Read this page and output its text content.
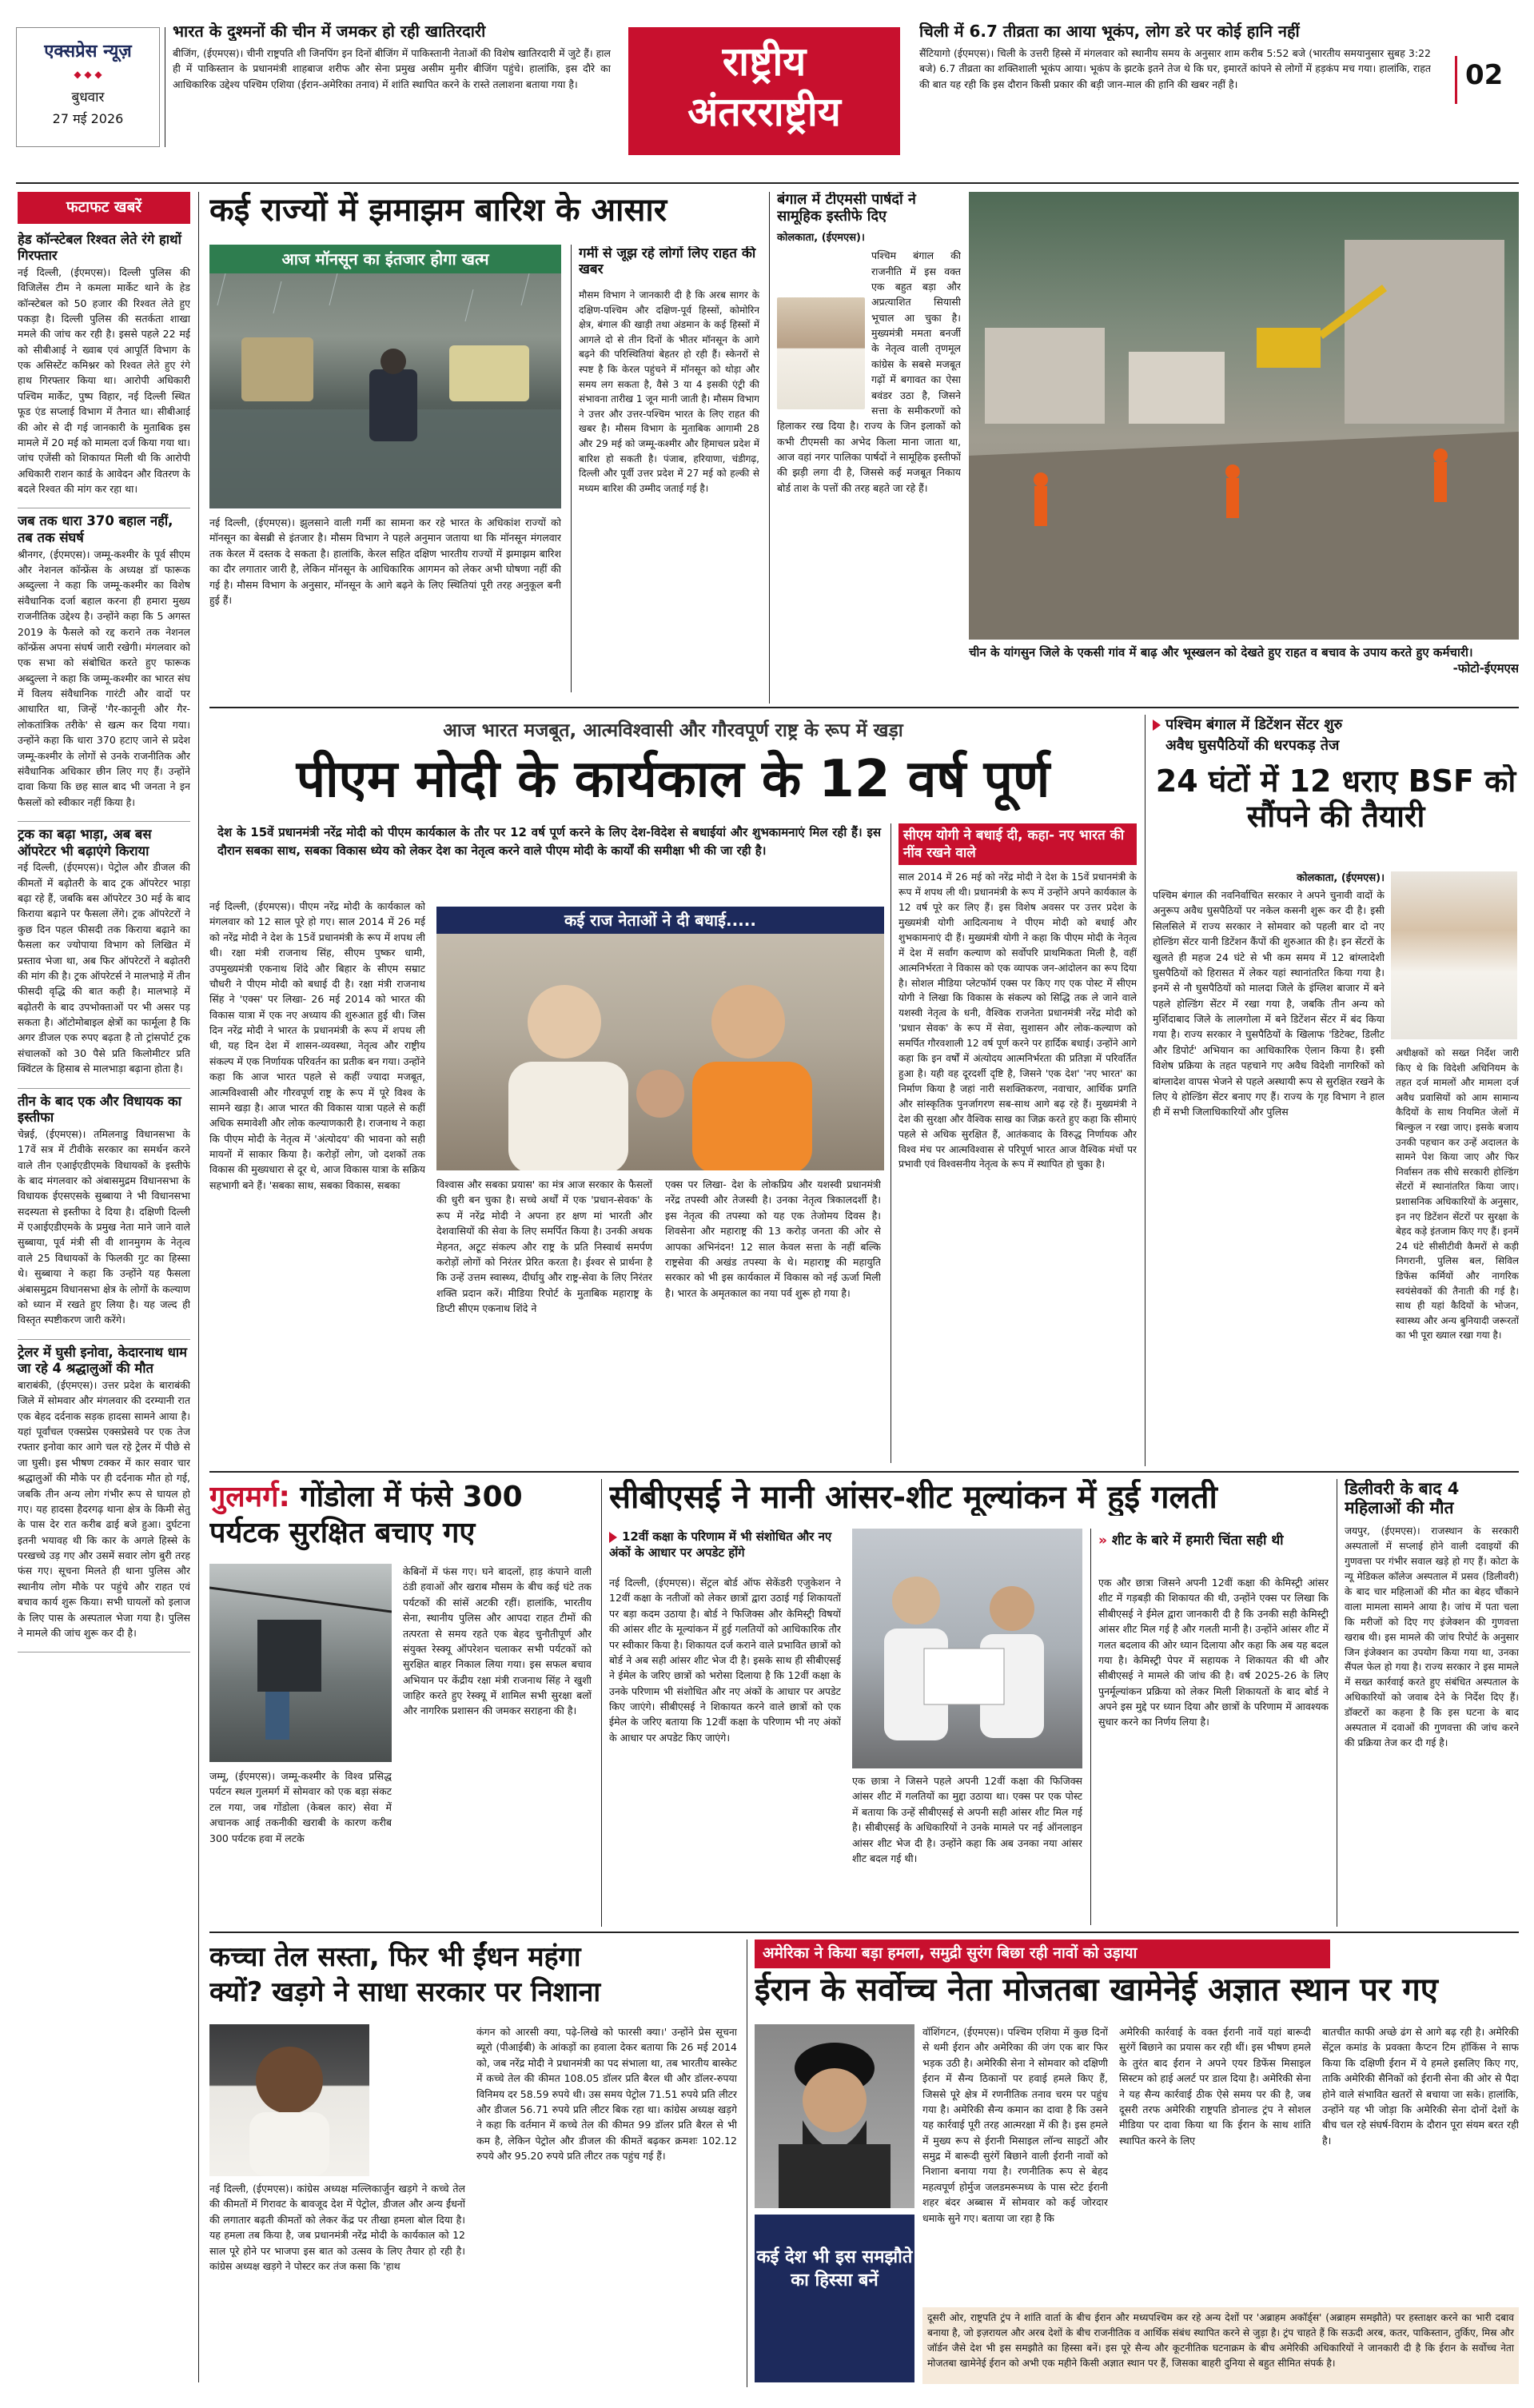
एक्सप्रेस न्यूज़
◆ ◆ ◆
बुधवार
27 मई 2026
भारत के दुश्मनों की चीन में जमकर हो रही खातिरदारी
बीजिंग, (ईएमएस)। चीनी राष्ट्रपति शी जिनपिंग इन दिनों बीजिंग में पाकिस्तानी नेताओं की विशेष खातिरदारी में जुटे हैं। हाल ही में पाकिस्तान के प्रधानमंत्री शाहबाज शरीफ और सेना प्रमुख असीम मुनीर बीजिंग पहुंचे। हालांकि, इस दौरे का आधिकारिक उद्देश्य पश्चिम एशिया (ईरान-अमेरिका तनाव) में शांति स्थापित करने के रास्ते तलाशना बताया गया है।	राष्ट्रीय
अंतरराष्ट्रीय
चिली में 6.7 तीव्रता का आया भूकंप, लोग डरे पर कोई हानि नहीं
सैंटियागो (ईएमएस)। चिली के उत्तरी हिस्से में मंगलवार को स्थानीय समय के अनुसार शाम करीब 5:52 बजे (भारतीय समयानुसार सुबह 3:22 बजे) 6.7 तीव्रता का शक्तिशाली भूकंप आया। भूकंप के झटके इतने तेज थे कि घर, इमारतें कांपने से लोगों में हड़कंप मच गया। हालांकि, राहत की बात यह रही कि इस दौरान किसी प्रकार की बड़ी जान-माल की हानि की खबर नहीं है।	02
फटाफट खबरें
हेड कॉन्स्टेबल रिश्वत लेते रंगे हाथों गिरफ्तार
नई दिल्ली, (ईएमएस)। दिल्ली पुलिस की विजिलेंस टीम ने कमला मार्केट थाने के हेड कॉन्स्टेबल को 50 हजार की रिश्वत लेते हुए पकड़ा है। दिल्ली पुलिस की सतर्कता शाखा ममले की जांच कर रही है। इससे पहले 22 मई को सीबीआई ने ख्वाब एवं आपूर्ति विभाग के एक असिस्टेंट कमिश्नर को रिश्वत लेते हुए रंगे हाथ गिरफ्तार किया था। आरोपी अधिकारी पश्चिम मार्केट, पुष्प विहार, नई दिल्ली स्थित फूड एंड सप्लाई विभाग में तैनात था। सीबीआई की ओर से दी गई जानकारी के मुताबिक इस मामले में 20 मई को मामला दर्ज किया गया था। जांच एजेंसी को शिकायत मिली थी कि आरोपी अधिकारी राशन कार्ड के आवेदन और वितरण के बदले रिश्वत की मांग कर रहा था।
जब तक धारा 370 बहाल नहीं, तब तक संघर्ष
श्रीनगर, (ईएमएस)। जम्मू-कश्मीर के पूर्व सीएम और नेशनल कॉन्फ्रेंस के अध्यक्ष डॉ फारूक अब्दुल्ला ने कहा कि जम्मू-कश्मीर का विशेष संवैधानिक दर्जा बहाल करना ही हमारा मुख्य राजनीतिक उद्देश्य है। उन्होंने कहा कि 5 अगस्त 2019 के फैसले को रद्द कराने तक नेशनल कॉन्फ्रेंस अपना संघर्ष जारी रखेगी। मंगलवार को एक सभा को संबोधित करते हुए फारूक अब्दुल्ला ने कहा कि जम्मू-कश्मीर का भारत संघ में विलय संवैधानिक गारंटी और वादों पर आधारित था, जिन्हें 'गैर-कानूनी और गैर-लोकतांत्रिक तरीके' से खत्म कर दिया गया। उन्होंने कहा कि धारा 370 हटाए जाने से प्रदेश जम्मू-कश्मीर के लोगों से उनके राजनीतिक और संवैधानिक अधिकार छीन लिए गए हैं। उन्होंने दावा किया कि छह साल बाद भी जनता ने इन फैसलों को स्वीकार नहीं किया है।
ट्रक का बढ़ा भाड़ा, अब बस ऑपरेटर भी बढ़ाएंगे किराया
नई दिल्ली, (ईएमएस)। पेट्रोल और डीजल की कीमतों में बढ़ोतरी के बाद ट्रक ऑपरेटर भाड़ा बढ़ा रहे हैं, जबकि बस ऑपरेटर 30 मई के बाद किराया बढ़ाने पर फैसला लेंगे। ट्रक ऑपरेटरों ने कुछ दिन पहल फीसदी तक किराया बढ़ाने का फैसला कर ज्योपाया विभाग को लिखित में प्रस्ताव भेजा था, अब फिर ऑपरेटरों ने बढ़ोतरी की मांग की है। ट्रक ऑपरेटर्स ने मालभाड़े में तीन फीसदी वृद्धि की बात कही है। मालभाड़े में बढ़ोतरी के बाद उपभोक्ताओं पर भी असर पड़ सकता है। ऑटोमोबाइल क्षेत्रों का फार्मूला है कि अगर डीजल एक रुपए बढ़ता है तो ट्रांसपोर्ट ट्रक संचालकों को 30 पैसे प्रति किलोमीटर प्रति क्विंटल के हिसाब से मालभाड़ा बढ़ाना होता है।
तीन के बाद एक और विधायक का इस्तीफा
चेन्नई, (ईएमएस)। तमिलनाडु विधानसभा के 17वें सत्र में टीवीके सरकार का समर्थन करने वाले तीन एआईएडीएमके विधायकों के इस्तीफे के बाद मंगलवार को अंबासमुद्रम विधानसभा के विधायक ईएसएसके सुब्बाया ने भी विधानसभा सदस्यता से इस्तीफा दे दिया है। दक्षिणी दिल्ली में एआईएडीएमके के प्रमुख नेता माने जाने वाले सुब्बाया, पूर्व मंत्री सी वी शानमुगम के नेतृत्व वाले 25 विधायकों के फिलकी गुट का हिस्सा थे। सुब्बाया ने कहा कि उन्होंने यह फैसला अंबासमुद्रम विधानसभा क्षेत्र के लोगों के कल्याण को ध्यान में रखते हुए लिया है। यह जल्द ही विस्तृत स्पष्टीकरण जारी करेंगे।
ट्रेलर में घुसी इनोवा, केदारनाथ धाम जा रहे 4 श्रद्धालुओं की मौत
बाराबंकी, (ईएमएस)। उत्तर प्रदेश के बाराबंकी जिले में सोमवार और मंगलवार की दरम्यानी रात एक बेहद दर्दनाक सड़क हादसा सामने आया है। यहां पूर्वांचल एक्सप्रेस एक्सप्रेसवे पर एक तेज रफ्तार इनोवा कार आगे चल रहे ट्रेलर में पीछे से जा घुसी। इस भीषण टक्कर में कार सवार चार श्रद्धालुओं की मौके पर ही दर्दनाक मौत हो गई, जबकि तीन अन्य लोग गंभीर रूप से घायल हो गए। यह हादसा हैदरगढ़ थाना क्षेत्र के किमी सेतु के पास देर रात करीब ढाई बजे हुआ। दुर्घटना इतनी भयावह थी कि कार के अगले हिस्से के परखच्चे उड़ गए और उसमें सवार लोग बुरी तरह फंस गए। सूचना मिलते ही थाना पुलिस और स्थानीय लोग मौके पर पहुंचे और राहत एवं बचाव कार्य शुरू किया। सभी घायलों को इलाज के लिए पास के अस्पताल भेजा गया है। पुलिस ने मामले की जांच शुरू कर दी है।
कई राज्यों में झमाझम बारिश के आसार
आज मॉनसून का इंतजार होगा खत्म
नई दिल्ली, (ईएमएस)। झुलसाने वाली गर्मी का सामना कर रहे भारत के अधिकांश राज्यों को मॉनसून का बेसब्री से इंतजार है। मौसम विभाग ने पहले अनुमान जताया था कि मॉनसून मंगलवार तक केरल में दस्तक दे सकता है। हालांकि, केरल सहित दक्षिण भारतीय राज्यों में झमाझम बारिश का दौर लगातार जारी है, लेकिन मॉनसून के आधिकारिक आगमन को लेकर अभी घोषणा नहीं की गई है। मौसम विभाग के अनुसार, मॉनसून के आगे बढ़ने के लिए स्थितियां पूरी तरह अनुकूल बनी हुई हैं।
गर्मी से जूझ रहे लोगों लिए राहत की खबर
मौसम विभाग ने जानकारी दी है कि अरब सागर के दक्षिण-पश्चिम और दक्षिण-पूर्व हिस्सों, कोमोरिन क्षेत्र, बंगाल की खाड़ी तथा अंडमान के कई हिस्सों में आगले दो से तीन दिनों के भीतर मॉनसून के आगे बढ़ने की परिस्थितियां बेहतर हो रही हैं। स्केनरों से स्पष्ट है कि केरल पहुंचने में मॉनसून को थोड़ा और समय लग सकता है, वैसे 3 या 4 इसकी एंट्री की संभावना तारीख 1 जून मानी जाती है। मौसम विभाग ने उत्तर और उत्तर-पश्चिम भारत के लिए राहत की खबर है। मौसम विभाग के मुताबिक आगामी 28 और 29 मई को जम्मू-कश्मीर और हिमाचल प्रदेश में बारिश हो सकती है। पंजाब, हरियाणा, चंडीगढ़, दिल्ली और पूर्वी उत्तर प्रदेश में 27 मई को हल्की से मध्यम बारिश की उम्मीद जताई गई है।
बंगाल में टीएमसी पार्षदों ने सामूहिक इस्तीफे दिए
कोलकाता, (ईएमएस)।
पश्चिम बंगाल की राजनीति में इस वक्त एक बहुत बड़ा और अप्रत्याशित सियासी भूचाल आ चुका है। मुख्यमंत्री ममता बनर्जी के नेतृत्व वाली तृणमूल कांग्रेस के सबसे मजबूत गढ़ों में बगावत का ऐसा बवंडर उठा है, जिसने सत्ता के समीकरणों को हिलाकर रख दिया है। राज्य के जिन इलाकों को कभी टीएमसी का अभेद किला माना जाता था, आज वहां नगर पालिका पार्षदों ने सामूहिक इस्तीफों की झड़ी लगा दी है, जिससे कई मजबूत निकाय बोर्ड ताश के पत्तों की तरह बहते जा रहे हैं।
चीन के यांगसुन जिले के एकसी गांव में बाढ़ और भूस्खलन को देखते हुए राहत व बचाव के उपाय करते हुए कर्मचारी।
-फोटो-ईएमएस
आज भारत मजबूत, आत्मविश्वासी और गौरवपूर्ण राष्ट्र के रूप में खड़ा
पीएम मोदी के कार्यकाल के 12 वर्ष पूर्ण
देश के 15वें प्रधानमंत्री नरेंद्र मोदी को पीएम कार्यकाल के तौर पर 12 वर्ष पूर्ण करने के लिए देश-विदेश से बधाईयां और शुभकामनाएं मिल रही हैं। इस दौरान सबका साथ, सबका विकास ध्येय को लेकर देश का नेतृत्व करने वाले पीएम मोदी के कार्यों की समीक्षा भी की जा रही है।
नई दिल्ली, (ईएमएस)। पीएम नरेंद्र मोदी के कार्यकाल को मंगलवार को 12 साल पूरे हो गए। साल 2014 में 26 मई को नरेंद्र मोदी ने देश के 15वें प्रधानमंत्री के रूप में शपथ ली थी। रक्षा मंत्री राजनाथ सिंह, सीएम पुष्कर धामी, उपमुख्यमंत्री एकनाथ शिंदे और बिहार के सीएम सम्राट चौधरी ने पीएम मोदी को बधाई दी है। रक्षा मंत्री राजनाथ सिंह ने 'एक्स' पर लिखा- 26 मई 2014 को भारत की विकास यात्रा में एक नए अध्याय की शुरुआत हुई थी। जिस दिन नरेंद्र मोदी ने भारत के प्रधानमंत्री के रूप में शपथ ली थी, यह दिन देश में शासन-व्यवस्था, नेतृत्व और राष्ट्रीय संकल्प में एक निर्णायक परिवर्तन का प्रतीक बन गया। उन्होंने कहा कि आज भारत पहले से कहीं ज्यादा मजबूत, आत्मविश्वासी और गौरवपूर्ण राष्ट्र के रूप में पूरे विश्व के सामने खड़ा है। आज भारत की विकास यात्रा पहले से कहीं अधिक समावेशी और लोक कल्याणकारी है। राजनाथ ने कहा कि पीएम मोदी के नेतृत्व में 'अंत्योदय' की भावना को सही मायनों में साकार किया है। करोड़ों लोग, जो दशकों तक विकास की मुख्यधारा से दूर थे, आज विकास यात्रा के सक्रिय सहभागी बने हैं। 'सबका साथ, सबका विकास, सबका
कई राज नेताओं ने दी बधाई.....
विश्वास और सबका प्रयास' का मंत्र आज सरकार के फैसलों की धुरी बन चुका है। सच्चे अर्थों में एक 'प्रधान-सेवक' के रूप में नरेंद्र मोदी ने अपना हर क्षण मां भारती और देशवासियों की सेवा के लिए समर्पित किया है। उनकी अथक मेहनत, अटूट संकल्प और राष्ट्र के प्रति निस्वार्थ समर्पण करोड़ों लोगों को निरंतर प्रेरित करता है। ईश्वर से प्रार्थना है कि उन्हें उत्तम स्वास्थ्य, दीर्घायु और राष्ट्र-सेवा के लिए निरंतर शक्ति प्रदान करें। मीडिया रिपोर्ट के मुताबिक महाराष्ट्र के डिप्टी सीएम एकनाथ शिंदे ने
एक्स पर लिखा- देश के लोकप्रिय और यशस्वी प्रधानमंत्री नरेंद्र तपस्वी और तेजस्वी है। उनका नेतृत्व त्रिकालदर्शी है। इस नेतृत्व की तपस्या को यह एक तेजोमय दिवस है। शिवसेना और महाराष्ट्र की 13 करोड़ जनता की ओर से आपका अभिनंदन! 12 साल केवल सत्ता के नहीं बल्कि राष्ट्रसेवा की अखंड तपस्या के थे। महाराष्ट्र की महायुति सरकार को भी इस कार्यकाल में विकास को नई ऊर्जा मिली है। भारत के अमृतकाल का नया पर्व शुरू हो गया है।
सीएम योगी ने बधाई दी, कहा- नए भारत की नींव रखने वाले
साल 2014 में 26 मई को नरेंद्र मोदी ने देश के 15वें प्रधानमंत्री के रूप में शपथ ली थी। प्रधानमंत्री के रूप में उन्होंने अपने कार्यकाल के 12 वर्ष पूरे कर लिए हैं। इस विशेष अवसर पर उत्तर प्रदेश के मुख्यमंत्री योगी आदित्यनाथ ने पीएम मोदी को बधाई और शुभकामनाएं दी हैं। मुख्यमंत्री योगी ने कहा कि पीएम मोदी के नेतृत्व में देश में सर्वांग कल्याण को सर्वोपरि प्राथमिकता मिली है, वहीं आत्मनिर्भरता ने विकास को एक व्यापक जन-आंदोलन का रूप दिया है। सोशल मीडिया प्लेटफॉर्म एक्स पर किए गए एक पोस्ट में सीएम योगी ने लिखा कि विकास के संकल्प को सिद्धि तक ले जाने वाले यशस्वी नेतृत्व के धनी, वैश्विक राजनेता प्रधानमंत्री नरेंद्र मोदी को 'प्रधान सेवक' के रूप में सेवा, सुशासन और लोक-कल्याण को समर्पित गौरवशाली 12 वर्ष पूर्ण करने पर हार्दिक बधाई। उन्होंने आगे कहा कि इन वर्षों में अंत्योदय आत्मनिर्भरता की प्रतिज्ञा में परिवर्तित हुआ है। यही वह दूरदर्शी दृष्टि है, जिसने 'एक देश' 'नए भारत' का निर्माण किया है जहां नारी सशक्तिकरण, नवाचार, आर्थिक प्रगति और सांस्कृतिक पुनर्जागरण सब-साथ आगे बढ़ रहे हैं। मुख्यमंत्री ने देश की सुरक्षा और वैश्विक साख का जिक्र करते हुए कहा कि सीमाएं पहले से अधिक सुरक्षित हैं, आतंकवाद के विरुद्ध निर्णायक और विश्व मंच पर आत्मविश्वास से परिपूर्ण भारत आज वैश्विक मंचों पर प्रभावी एवं विश्वसनीय नेतृत्व के रूप में स्थापित हो चुका है।
पश्चिम बंगाल में डिटेंशन सेंटर शुरु
अवैध घुसपैठियों की धरपकड़ तेज
24 घंटों में 12 धराए BSF को सौंपने की तैयारी
कोलकाता, (ईएमएस)।
पश्चिम बंगाल की नवनिर्वाचित सरकार ने अपने चुनावी वादों के अनुरूप अवैध घुसपैठियों पर नकेल कसनी शुरू कर दी है। इसी सिलसिले में राज्य सरकार ने सोमवार को पहली बार दो नए होल्डिंग सेंटर यानी डिटेंशन कैंपों की शुरुआत की है। इन सेंटरों के खुलते ही महज 24 घंटे से भी कम समय में 12 बांग्लादेशी घुसपैठियों को हिरासत में लेकर यहां स्थानांतरित किया गया है। इनमें से नौ घुसपैठियों को मालदा जिले के इंग्लिश बाजार में बने पहले होल्डिंग सेंटर में रखा गया है, जबकि तीन अन्य को मुर्शिदाबाद जिले के लालगोला में बने डिटेंशन सेंटर में बंद किया गया है। राज्य सरकार ने घुसपैठियों के खिलाफ 'डिटेक्ट, डिलीट और डिपोर्ट' अभियान का आधिकारिक ऐलान किया है। इसी विशेष प्रक्रिया के तहत पहचाने गए अवैध विदेशी नागरिकों को बांग्लादेश वापस भेजने से पहले अस्थायी रूप से सुरक्षित रखने के लिए ये होल्डिंग सेंटर बनाए गए हैं। राज्य के गृह विभाग ने हाल ही में सभी जिलाधिकारियों और पुलिस
अधीक्षकों को सख्त निर्देश जारी किए थे कि विदेशी अधिनियम के तहत दर्ज मामलों और मामला दर्ज अवैध प्रवासियों को आम सामान्य कैदियों के साथ नियमित जेलों में बिल्कुल न रखा जाए। इसके बजाय उनकी पहचान कर उन्हें अदालत के सामने पेश किया जाए और फिर निर्वासन तक सीधे सरकारी होल्डिंग सेंटरों में स्थानांतरित किया जाए। प्रशासनिक अधिकारियों के अनुसार, इन नए डिटेंशन सेंटरों पर सुरक्षा के बेहद कड़े इंतजाम किए गए हैं। इनमें 24 घंटे सीसीटीवी कैमरों से कड़ी निगरानी, पुलिस बल, सिविल डिफेंस कर्मियों और नागरिक स्वयंसेवकों की तैनाती की गई है। साथ ही यहां कैदियों के भोजन, स्वास्थ्य और अन्य बुनियादी जरूरतों का भी पूरा ख्याल रखा गया है।
गुलमर्ग: गोंडोला में फंसे 300
पर्यटक सुरक्षित बचाए गए
जम्मू, (ईएमएस)। जम्मू-कश्मीर के विश्व प्रसिद्ध पर्यटन स्थल गुलमर्ग में सोमवार को एक बड़ा संकट टल गया, जब गोंडोला (केबल कार) सेवा में अचानक आई तकनीकी खराबी के कारण करीब 300 पर्यटक हवा में लटके
केबिनों में फंस गए। घने बादलों, हाड़ कंपाने वाली ठंडी हवाओं और खराब मौसम के बीच कई घंटे तक पर्यटकों की सांसें अटकी रहीं। हालांकि, भारतीय सेना, स्थानीय पुलिस और आपदा राहत टीमों की तत्परता से समय रहते एक बेहद चुनौतीपूर्ण और संयुक्त रेस्क्यू ऑपरेशन चलाकर सभी पर्यटकों को सुरक्षित बाहर निकाल लिया गया। इस सफल बचाव अभियान पर केंद्रीय रक्षा मंत्री राजनाथ सिंह ने खुशी जाहिर करते हुए रेस्क्यू में शामिल सभी सुरक्षा बलों और नागरिक प्रशासन की जमकर सराहना की है।
सीबीएसई ने मानी आंसर-शीट मूल्यांकन में हुई गलती
12वीं कक्षा के परिणाम में भी संशोधित और नए अंकों के आधार पर अपडेट होंगे
नई दिल्ली, (ईएमएस)। सेंट्रल बोर्ड ऑफ सेकेंडरी एजुकेशन ने 12वीं कक्षा के नतीजों को लेकर छात्रों द्वारा उठाई गई शिकायतों पर बड़ा कदम उठाया है। बोर्ड ने फिजिक्स और केमिस्ट्री विषयों की आंसर शीट के मूल्यांकन में हुई गलतियों को आधिकारिक तौर पर स्वीकार किया है। शिकायत दर्ज कराने वाले प्रभावित छात्रों को बोर्ड ने अब सही आंसर शीट भेज दी है। इसके साथ ही सीबीएसई ने ईमेल के जरिए छात्रों को भरोसा दिलाया है कि 12वीं कक्षा के उनके परिणाम भी संशोधित और नए अंकों के आधार पर अपडेट किए जाएंगे। सीबीएसई ने शिकायत करने वाले छात्रों को एक ईमेल के जरिए बताया कि 12वीं कक्षा के परिणाम भी नए अंकों के आधार पर अपडेट किए जाएंगे।
एक छात्रा ने जिसने पहले अपनी 12वीं कक्षा की फिजिक्स आंसर शीट में गलतियों का मुद्दा उठाया था। एक्स पर एक पोस्ट में बताया कि उन्हें सीबीएसई से अपनी सही आंसर शीट मिल गई है। सीबीएसई के अधिकारियों ने उनके मामले पर नई ऑनलाइन आंसर शीट भेज दी है। उन्होंने कहा कि अब उनका नया आंसर शीट बदल गई थी।
» शीट के बारे में हमारी चिंता सही थी
एक और छात्रा जिसने अपनी 12वीं कक्षा की केमिस्ट्री आंसर शीट में गड़बड़ी की शिकायत की थी, उन्होंने एक्स पर लिखा कि सीबीएसई ने ईमेल द्वारा जानकारी दी है कि उनकी सही केमिस्ट्री आंसर शीट मिल गई है और गलती मानी है। उन्होंने आंसर शीट में गलत बदलाव की ओर ध्यान दिलाया और कहा कि अब यह बदल गया है। केमिस्ट्री पेपर में सहायक ने शिकायत की थी और सीबीएसई ने मामले की जांच की है। वर्ष 2025-26 के लिए पुनर्मूल्यांकन प्रक्रिया को लेकर मिली शिकायतों के बाद बोर्ड ने अपने इस मुद्दे पर ध्यान दिया और छात्रों के परिणाम में आवश्यक सुधार करने का निर्णय लिया है।
डिलीवरी के बाद 4 महिलाओं की मौत
जयपुर, (ईएमएस)। राजस्थान के सरकारी अस्पतालों में सप्लाई होने वाली दवाइयों की गुणवत्ता पर गंभीर सवाल खड़े हो गए हैं। कोटा के न्यू मेडिकल कॉलेज अस्पताल में प्रसव (डिलीवरी) के बाद चार महिलाओं की मौत का बेहद चौंकाने वाला मामला सामने आया है। जांच में पता चला कि मरीजों को दिए गए इंजेक्शन की गुणवत्ता खराब थी। इस मामले की जांच रिपोर्ट के अनुसार जिन इंजेक्शन का उपयोग किया गया था, उनका सैंपल फेल हो गया है। राज्य सरकार ने इस मामले में सख्त कार्रवाई करते हुए संबंधित अस्पताल के अधिकारियों को जवाब देने के निर्देश दिए हैं। डॉक्टरों का कहना है कि इस घटना के बाद अस्पताल में दवाओं की गुणवत्ता की जांच करने की प्रक्रिया तेज कर दी गई है।
कच्चा तेल सस्ता, फिर भी ईंधन महंगा
क्यों? खड़गे ने साधा सरकार पर निशाना
नई दिल्ली, (ईएमएस)। कांग्रेस अध्यक्ष मल्लिकार्जुन खड़गे ने कच्चे तेल की कीमतों में गिरावट के बावजूद देश में पेट्रोल, डीजल और अन्य ईंधनों की लगातार बढ़ती कीमतों को लेकर केंद्र पर तीखा हमला बोल दिया है। यह हमला तब किया है, जब प्रधानमंत्री नरेंद्र मोदी के कार्यकाल को 12 साल पूरे होने पर भाजपा इस बात को उत्सव के लिए तैयार हो रही है। कांग्रेस अध्यक्ष खड़गे ने पोस्टर कर तंज कसा कि 'हाथ
कंगन को आरसी क्या, पढ़े-लिखे को फारसी क्या।' उन्होंने प्रेस सूचना ब्यूरो (पीआईबी) के आंकड़ों का हवाला देकर बताया कि 26 मई 2014 को, जब नरेंद्र मोदी ने प्रधानमंत्री का पद संभाला था, तब भारतीय बास्केट में कच्चे तेल की कीमत 108.05 डॉलर प्रति बैरल थी और डॉलर-रुपया विनिमय दर 58.59 रुपये थी। उस समय पेट्रोल 71.51 रुपये प्रति लीटर और डीजल 56.71 रुपये प्रति लीटर बिक रहा था। कांग्रेस अध्यक्ष खड़गे ने कहा कि वर्तमान में कच्चे तेल की कीमत 99 डॉलर प्रति बैरल से भी कम है, लेकिन पेट्रोल और डीजल की कीमतें बढ़कर क्रमशः 102.12 रुपये और 95.20 रुपये प्रति लीटर तक पहुंच गई हैं।
अमेरिका ने किया बड़ा हमला, समुद्री सुरंग बिछा रही नावों को उड़ाया
ईरान के सर्वोच्च नेता मोजतबा खामेनेई अज्ञात स्थान पर गए
वॉशिंगटन, (ईएमएस)। पश्चिम एशिया में कुछ दिनों से थमी ईरान और अमेरिका की जंग एक बार फिर भड़क उठी है। अमेरिकी सेना ने सोमवार को दक्षिणी ईरान में सैन्य ठिकानों पर हवाई हमले किए हैं, जिससे पूरे क्षेत्र में रणनीतिक तनाव चरम पर पहुंच गया है। अमेरिकी सैन्य कमान का दावा है कि उसने यह कार्रवाई पूरी तरह आत्मरक्षा में की है। इस हमले में मुख्य रूप से ईरानी मिसाइल लॉन्च साइटों और समुद्र में बारूदी सुरंगें बिछाने वाली ईरानी नावों को निशाना बनाया गया है। रणनीतिक रूप से बेहद महत्वपूर्ण होर्मुज जलडमरूमध्य के पास स्टेट ईरानी शहर बंदर अब्बास में सोमवार को कई जोरदार धमाके सुने गए। बताया जा रहा है कि
अमेरिकी कार्रवाई के वक्त ईरानी नावें यहां बारूदी सुरंगें बिछाने का प्रयास कर रही थीं। इस भीषण हमले के तुरंत बाद ईरान ने अपने एयर डिफेंस मिसाइल सिस्टम को हाई अलर्ट पर डाल दिया है। अमेरिकी सेना ने यह सैन्य कार्रवाई ठीक ऐसे समय पर की है, जब दूसरी तरफ अमेरिकी राष्ट्रपति डोनाल्ड ट्रंप ने सोशल मीडिया पर दावा किया था कि ईरान के साथ शांति स्थापित करने के लिए
बातचीत काफी अच्छे ढंग से आगे बढ़ रही है। अमेरिकी सेंट्रल कमांड के प्रवक्ता कैप्टन टिम हॉकिंस ने साफ किया कि दक्षिणी ईरान में ये हमले इसलिए किए गए, ताकि अमेरिकी सैनिकों को ईरानी सेना की ओर से पैदा होने वाले संभावित खतरों से बचाया जा सके। हालांकि, उन्होंने यह भी जोड़ा कि अमेरिकी सेना दोनों देशों के बीच चल रहे संघर्ष-विराम के दौरान पूरा संयम बरत रही है।
कई देश भी इस समझौते का हिस्सा बनें
दूसरी ओर, राष्ट्रपति ट्रंप ने शांति वार्ता के बीच ईरान और मध्यपश्चिम कर रहे अन्य देशों पर 'अब्राहम अकॉर्ड्स' (अब्राहम समझौते) पर हस्ताक्षर करने का भारी दबाव बनाया है, जो इज़रायल और अरब देशों के बीच राजनीतिक व आर्थिक संबंध स्थापित करने से जुड़ा है। ट्रंप चाहते हैं कि सऊदी अरब, कतर, पाकिस्तान, तुर्किए, मिस्र और जॉर्डन जैसे देश भी इस समझौते का हिस्सा बनें। इस पूरे सैन्य और कूटनीतिक घटनाक्रम के बीच अमेरिकी अधिकारियों ने जानकारी दी है कि ईरान के सर्वोच्च नेता मोजतबा खामेनेई ईरान को अभी एक महीने किसी अज्ञात स्थान पर हैं, जिसका बाहरी दुनिया से बहुत सीमित संपर्क है।
